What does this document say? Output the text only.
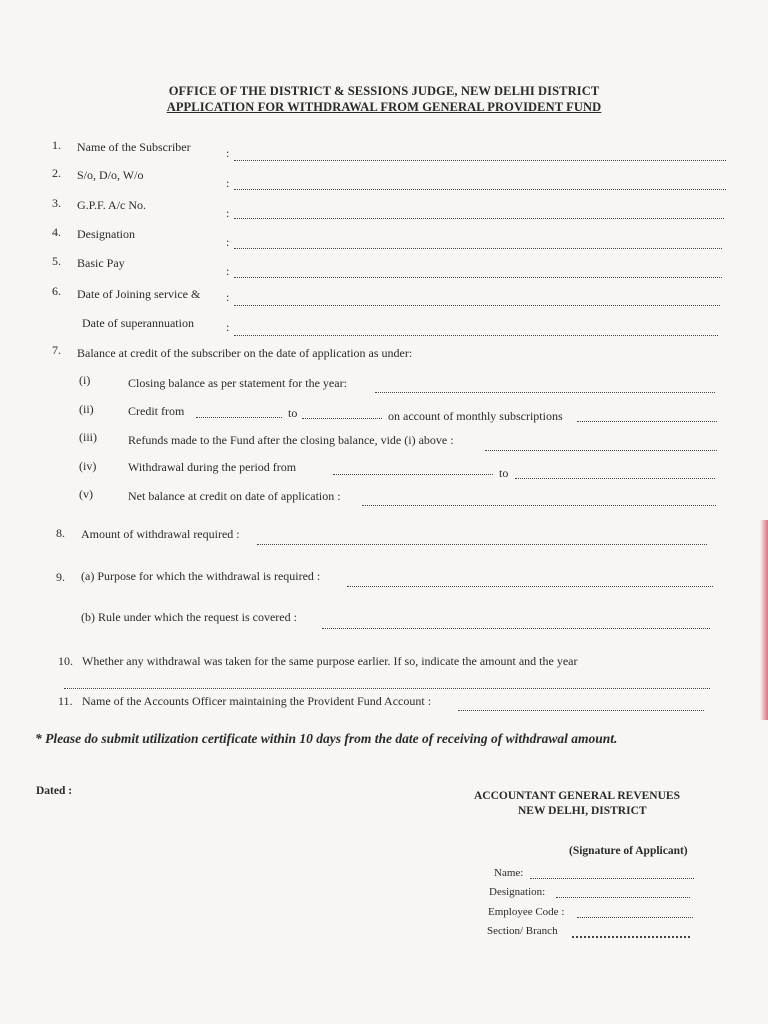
OFFICE OF THE DISTRICT & SESSIONS JUDGE, NEW DELHI DISTRICT
APPLICATION FOR WITHDRAWAL FROM GENERAL PROVIDENT FUND
1. Name of the Subscriber	:
2. S/o, D/o, W/o
:
3. G.P.F. A/c No.
:
4. Designation
:
5. Basic Pay
:
6. Date of Joining service & :
Date of superannuation	:
7. Balance at credit of the subscriber on the date of application as under:
(i)	Closing balance as per statement for the year:
(ii)	Credit from	to	on account of monthly subscriptions
(iii)	Refunds made to the Fund after the closing balance, vide (i) above :
(iv)	Withdrawal during the period from	to
(v)	Net balance at credit on date of application :
8. Amount of withdrawal required :
9. (a) Purpose for which the withdrawal is required :
(b) Rule under which the request is covered :
10. Whether any withdrawal was taken for the same purpose earlier. If so, indicate the amount and the year
11. Name of the Accounts Officer maintaining the Provident Fund Account :
* Please do submit utilization certificate within 10 days from the date of receiving of withdrawal amount.
Dated :	ACCOUNTANT GENERAL REVENUES
NEW DELHI, DISTRICT
(Signature of Applicant)
Name:
Designation:
Employee Code :
Section/ Branch
